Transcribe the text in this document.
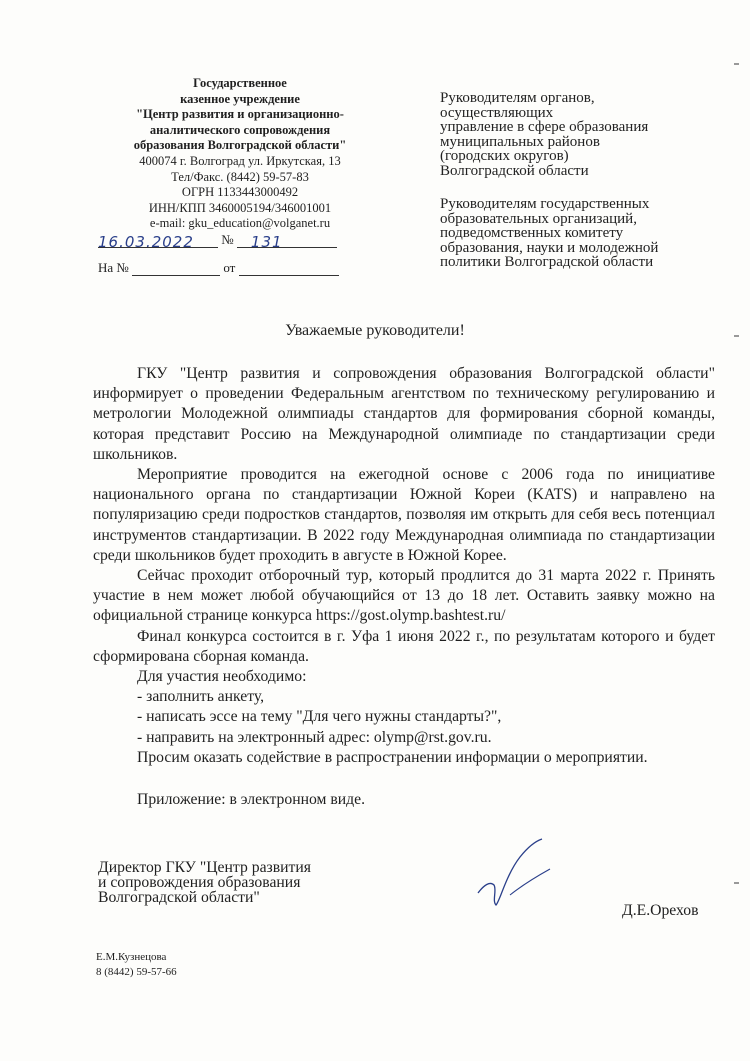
Государственное
казенное учреждение
"Центр развития и организационно-
аналитического сопровождения
образования Волгоградской области"
400074 г. Волгоград ул. Иркутская, 13
Тел/Факс. (8442) 59-57-83
ОГРН 1133443000492
ИНН/КПП 3460005194/346001001
e-mail: gku_education@volganet.ru
16.03.2022 № 131
На №	от
Руководителям органов,
осуществляющих
управление в сфере образования
муниципальных районов
(городских округов)
Волгоградской области
Руководителям государственных
образовательных организаций,
подведомственных комитету
образования, науки и молодежной
политики Волгоградской области
Уважаемые руководители!

ГКУ "Центр развития и сопровождения образования Волгоградской области" информирует о проведении Федеральным агентством по техническому регулированию и метрологии Молодежной олимпиады стандартов для формирования сборной команды, которая представит Россию на Международной олимпиаде по стандартизации среди школьников.

Мероприятие проводится на ежегодной основе с 2006 года по инициативе национального органа по стандартизации Южной Кореи (KATS) и направлено на популяризацию среди подростков стандартов, позволяя им открыть для себя весь потенциал инструментов стандартизации. В 2022 году Международная олимпиада по стандартизации среди школьников будет проходить в августе в Южной Корее.

Сейчас проходит отборочный тур, который продлится до 31 марта 2022 г. Принять участие в нем может любой обучающийся от 13 до 18 лет. Оставить заявку можно на официальной странице конкурса https://gost.olymp.bashtest.ru/

Финал конкурса состоится в г. Уфа 1 июня 2022 г., по результатам которого и будет сформирована сборная команда.

Для участия необходимо:

- заполнить анкету,

- написать эссе на тему "Для чего нужны стандарты?",

- направить на электронный адрес: olymp@rst.gov.ru.

Просим оказать содействие в распространении информации о мероприятии.

Приложение: в электронном виде.

Директор ГКУ "Центр развития
и сопровождения образования
Волгоградской области"
Д.Е.Орехов
Е.М.Кузнецова
8 (8442) 59-57-66
